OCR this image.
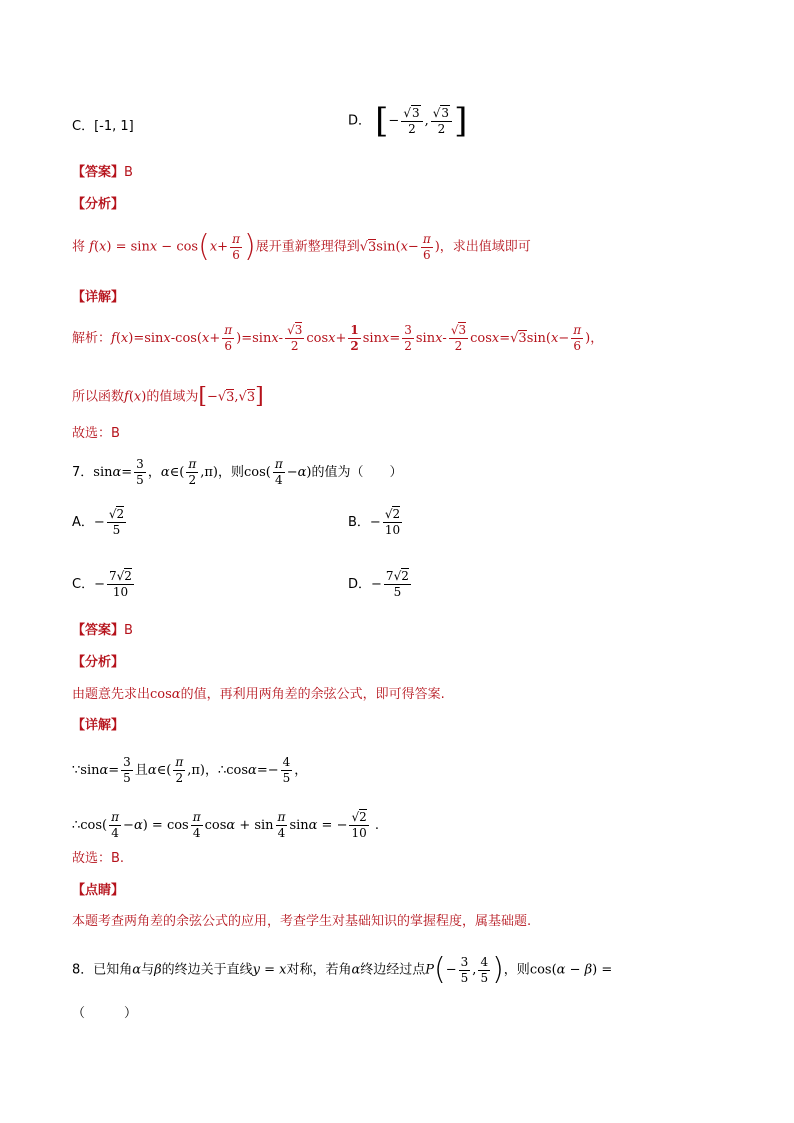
C．[-1, 1]	D． [− $\frac{√3}{2}$ , $\frac{√3}{2}$ ]
【答案】B
【分析】
将 $f(x) = \sin x - \cos(x+ \frac{\pi}{6}$ )展开重新整理得到$√3\sin(x- \frac{\pi}{6}$ )，求出值域即可
【详解】
解析：$f(x)=\sin x-\cos(x+ \frac{\pi}{6} )=\sin x- \frac{√3}{2} \cos x+ \frac{1}{2} \sin x= \frac{3}{2} \sin x- \frac{√3}{2} \cos x=√3\sin(x- \frac{\pi}{6}$ )，
所以函数f(x)的值域为[−√3,√3]
故选：B
7．$\sin\alpha= \frac{3}{5}$ ，α∈( $\frac{\pi}{2} ,\pi$)，则$\cos( \frac{\pi}{4} -\alpha)$的值为（　　）
A．− $\frac{√2}{5}$	B．− $\frac{√2}{10}$
C．− $\frac{7√2}{10}$	D．− $\frac{7√2}{5}$
【答案】B
【分析】
由题意先求出cosα的值，再利用两角差的余弦公式，即可得答案.
【详解】
∵sinα= $\frac{3}{5}$ 且α∈( $\frac{\pi}{2} ,\pi$)，∴cosα=− $\frac{4}{5}$ ，
∴cos( $\frac{\pi}{4} -\alpha) = \cos \frac{\pi}{4}$ $\cos\alpha + \sin \frac{\pi}{4}$ sinα = − $\frac{√2}{10}$ .
故选：B.
【点睛】
本题考查两角差的余弦公式的应用，考查学生对基础知识的掌握程度，属基础题.
8．已知角α与β的终边关于直线y = x对称，若角α终边经过点$P(- \frac{3}{5}$ , $\frac{4}{5}$ )，则cos(α − β) =
（　　　）
